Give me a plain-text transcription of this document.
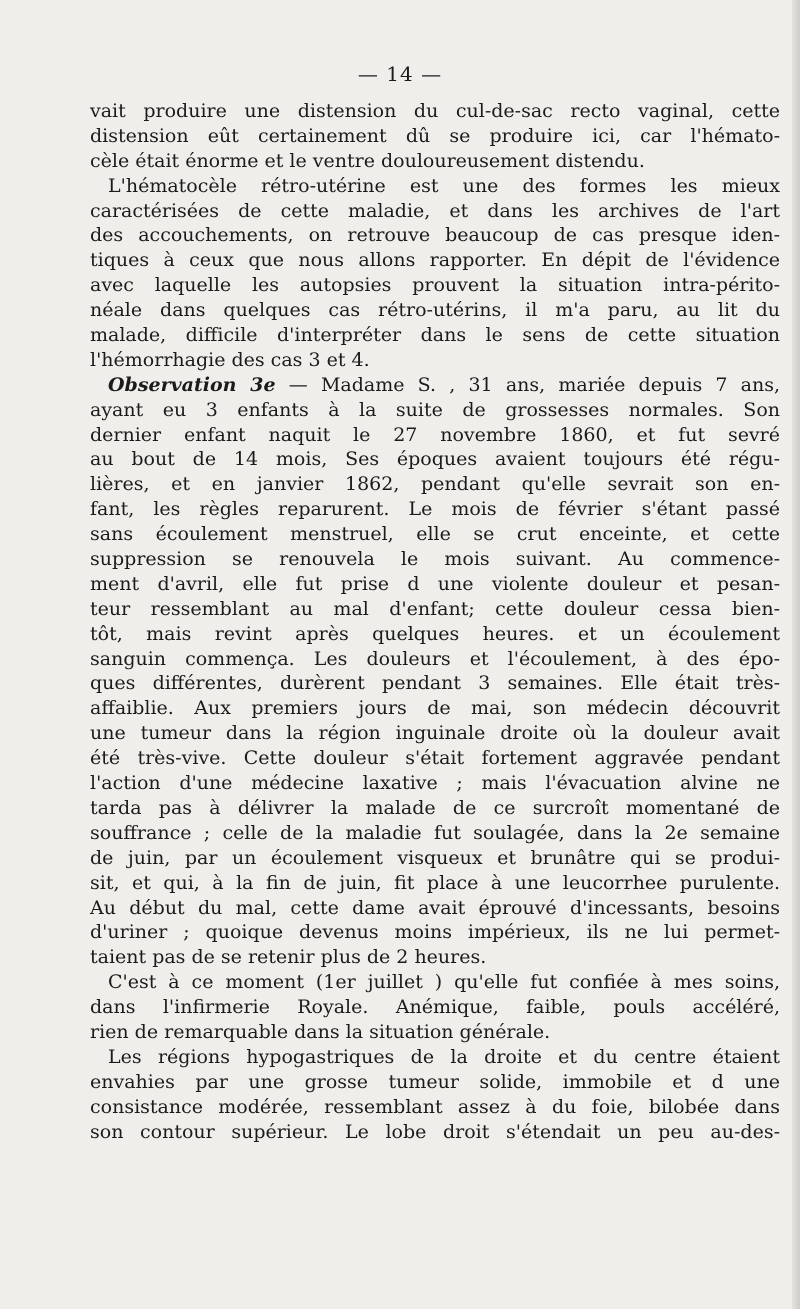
— 14 —
vait produire une distension du cul-de-sac recto vaginal, cette
distension eût certainement dû se produire ici, car l'hémato-
cèle était énorme et le ventre douloureusement distendu.
L'hématocèle rétro-utérine est une des formes les mieux
caractérisées de cette maladie, et dans les archives de l'art
des accouchements, on retrouve beaucoup de cas presque iden-
tiques à ceux que nous allons rapporter. En dépit de l'évidence
avec laquelle les autopsies prouvent la situation intra-périto-
néale dans quelques cas rétro-utérins, il m'a paru, au lit du
malade, difficile d'interpréter dans le sens de cette situation
l'hémorrhagie des cas 3 et 4.
Observation 3e — Madame S. , 31 ans, mariée depuis 7 ans,
ayant eu 3 enfants à la suite de grossesses normales. Son
dernier enfant naquit le 27 novembre 1860, et fut sevré
au bout de 14 mois, Ses époques avaient toujours été régu-
lières, et en janvier 1862, pendant qu'elle sevrait son en-
fant, les règles reparurent. Le mois de février s'étant passé
sans écoulement menstruel, elle se crut enceinte, et cette
suppression se renouvela le mois suivant. Au commence-
ment d'avril, elle fut prise d une violente douleur et pesan-
teur ressemblant au mal d'enfant; cette douleur cessa bien-
tôt, mais revint après quelques heures. et un écoulement
sanguin commença. Les douleurs et l'écoulement, à des épo-
ques différentes, durèrent pendant 3 semaines. Elle était très-
affaiblie. Aux premiers jours de mai, son médecin découvrit
une tumeur dans la région inguinale droite où la douleur avait
été très-vive. Cette douleur s'était fortement aggravée pendant
l'action d'une médecine laxative ; mais l'évacuation alvine ne
tarda pas à délivrer la malade de ce surcroît momentané de
souffrance ; celle de la maladie fut soulagée, dans la 2e semaine
de juin, par un écoulement visqueux et brunâtre qui se produi-
sit, et qui, à la fin de juin, fit place à une leucorrhee purulente.
Au début du mal, cette dame avait éprouvé d'incessants, besoins
d'uriner ; quoique devenus moins impérieux, ils ne lui permet-
taient pas de se retenir plus de 2 heures.
C'est à ce moment (1er juillet ) qu'elle fut confiée à mes soins,
dans l'infirmerie Royale. Anémique, faible, pouls accéléré,
rien de remarquable dans la situation générale.
Les régions hypogastriques de la droite et du centre étaient
envahies par une grosse tumeur solide, immobile et d une
consistance modérée, ressemblant assez à du foie, bilobée dans
son contour supérieur. Le lobe droit s'étendait un peu au-des-
